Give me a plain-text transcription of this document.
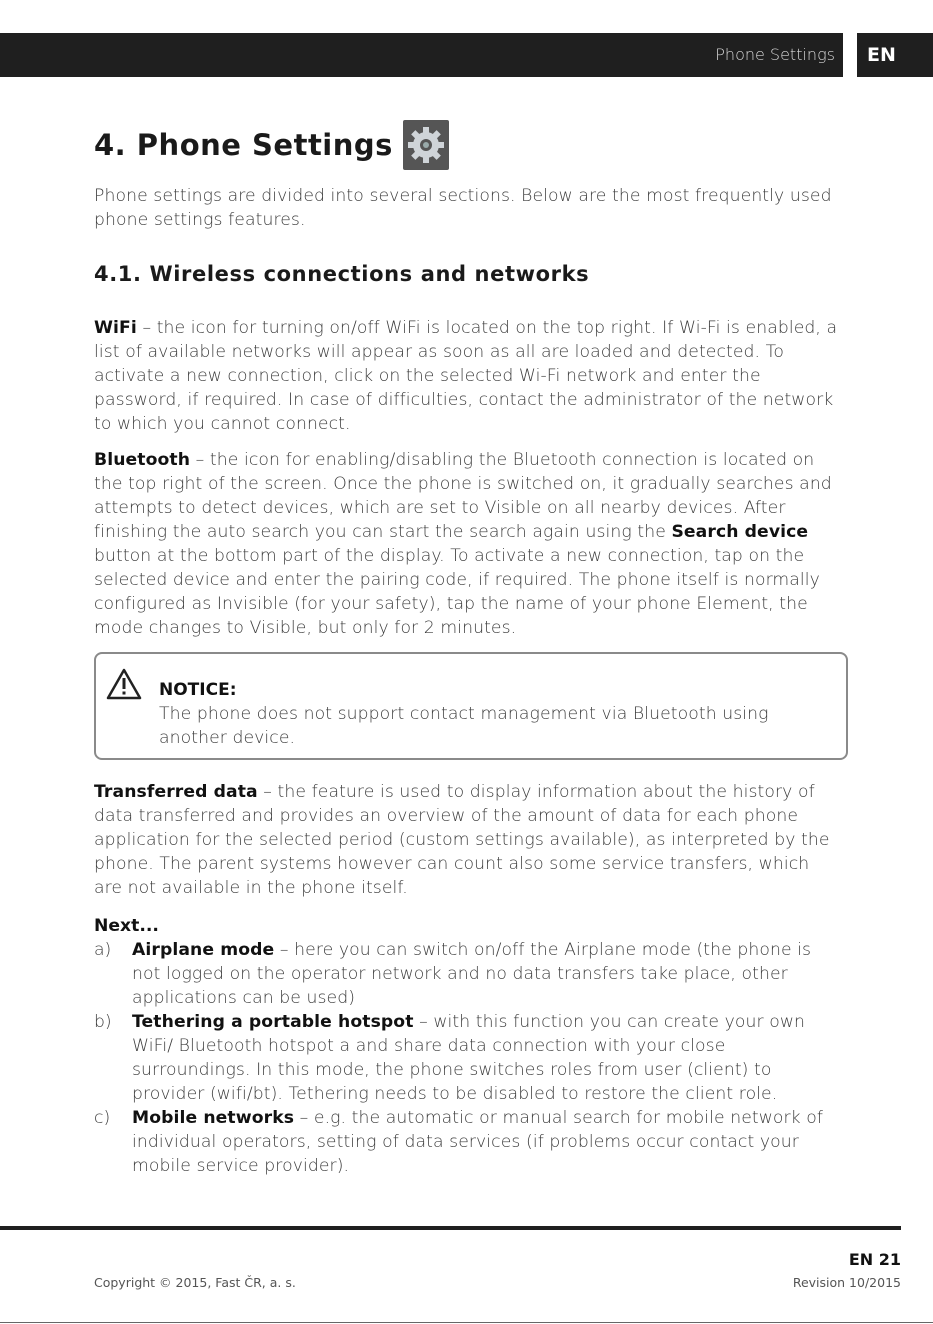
Phone Settings	EN
4. Phone Settings

Phone settings are divided into several sections. Below are the most frequently used phone settings features.

4.1. Wireless connections and networks

WiFi – the icon for turning on/off WiFi is located on the top right. If Wi-Fi is enabled, a list of available networks will appear as soon as all are loaded and detected. To activate a new connection, click on the selected Wi-Fi network and enter the password, if required. In case of difficulties, contact the administrator of the network to which you cannot connect.

Bluetooth – the icon for enabling/disabling the Bluetooth connection is located on the top right of the screen. Once the phone is switched on, it gradually searches and attempts to detect devices, which are set to Visible on all nearby devices. After finishing the auto search you can start the search again using the Search device button at the bottom part of the display. To activate a new connection, tap on the selected device and enter the pairing code, if required. The phone itself is normally configured as Invisible (for your safety), tap the name of your phone Element, the mode changes to Visible, but only for 2 minutes.

NOTICE:
The phone does not support contact management via Bluetooth using another device.

Transferred data – the feature is used to display information about the history of data transferred and provides an overview of the amount of data for each phone application for the selected period (custom settings available), as interpreted by the phone. The parent systems however can count also some service transfers, which are not available in the phone itself.

Next...
a)	Airplane mode – here you can switch on/off the Airplane mode (the phone is not logged on the operator network and no data transfers take place, other applications can be used)
b)	Tethering a portable hotspot – with this function you can create your own WiFi/ Bluetooth hotspot a and share data connection with your close surroundings. In this mode, the phone switches roles from user (client) to provider (wifi/bt). Tethering needs to be disabled to restore the client role.
c)	Mobile networks – e.g. the automatic or manual search for mobile network of individual operators, setting of data services (if problems occur contact your mobile service provider).
EN 21
Copyright © 2015, Fast ČR, a. s.	Revision 10/2015
